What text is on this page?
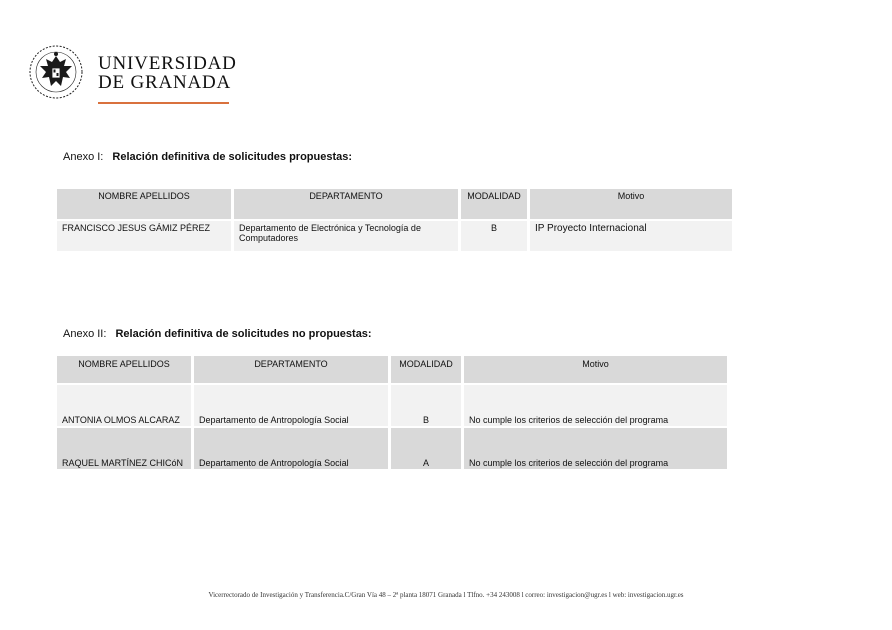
UNIVERSIDAD
DE GRANADA
Anexo I: Relación definitiva de solicitudes propuestas:
NOMBRE APELLIDOS	DEPARTAMENTO	MODALIDAD	Motivo
FRANCISCO JESUS GÁMIZ PÉREZ	Departamento de Electrónica y Tecnología de Computadores	B	IP Proyecto Internacional
Anexo II: Relación definitiva de solicitudes no propuestas:
NOMBRE APELLIDOS	DEPARTAMENTO	MODALIDAD	Motivo
ANTONIA OLMOS ALCARAZ	Departamento de Antropología Social	B	No cumple los criterios de selección del programa
RAQUEL MARTÍNEZ CHICóN	Departamento de Antropología Social	A	No cumple los criterios de selección del programa
Vicerrectorado de Investigación y Transferencia.C/Gran Vía 48 – 2ª planta 18071 Granada l Tlfno. +34 243008 l correo: investigacion@ugr.es l web: investigacion.ugr.es
